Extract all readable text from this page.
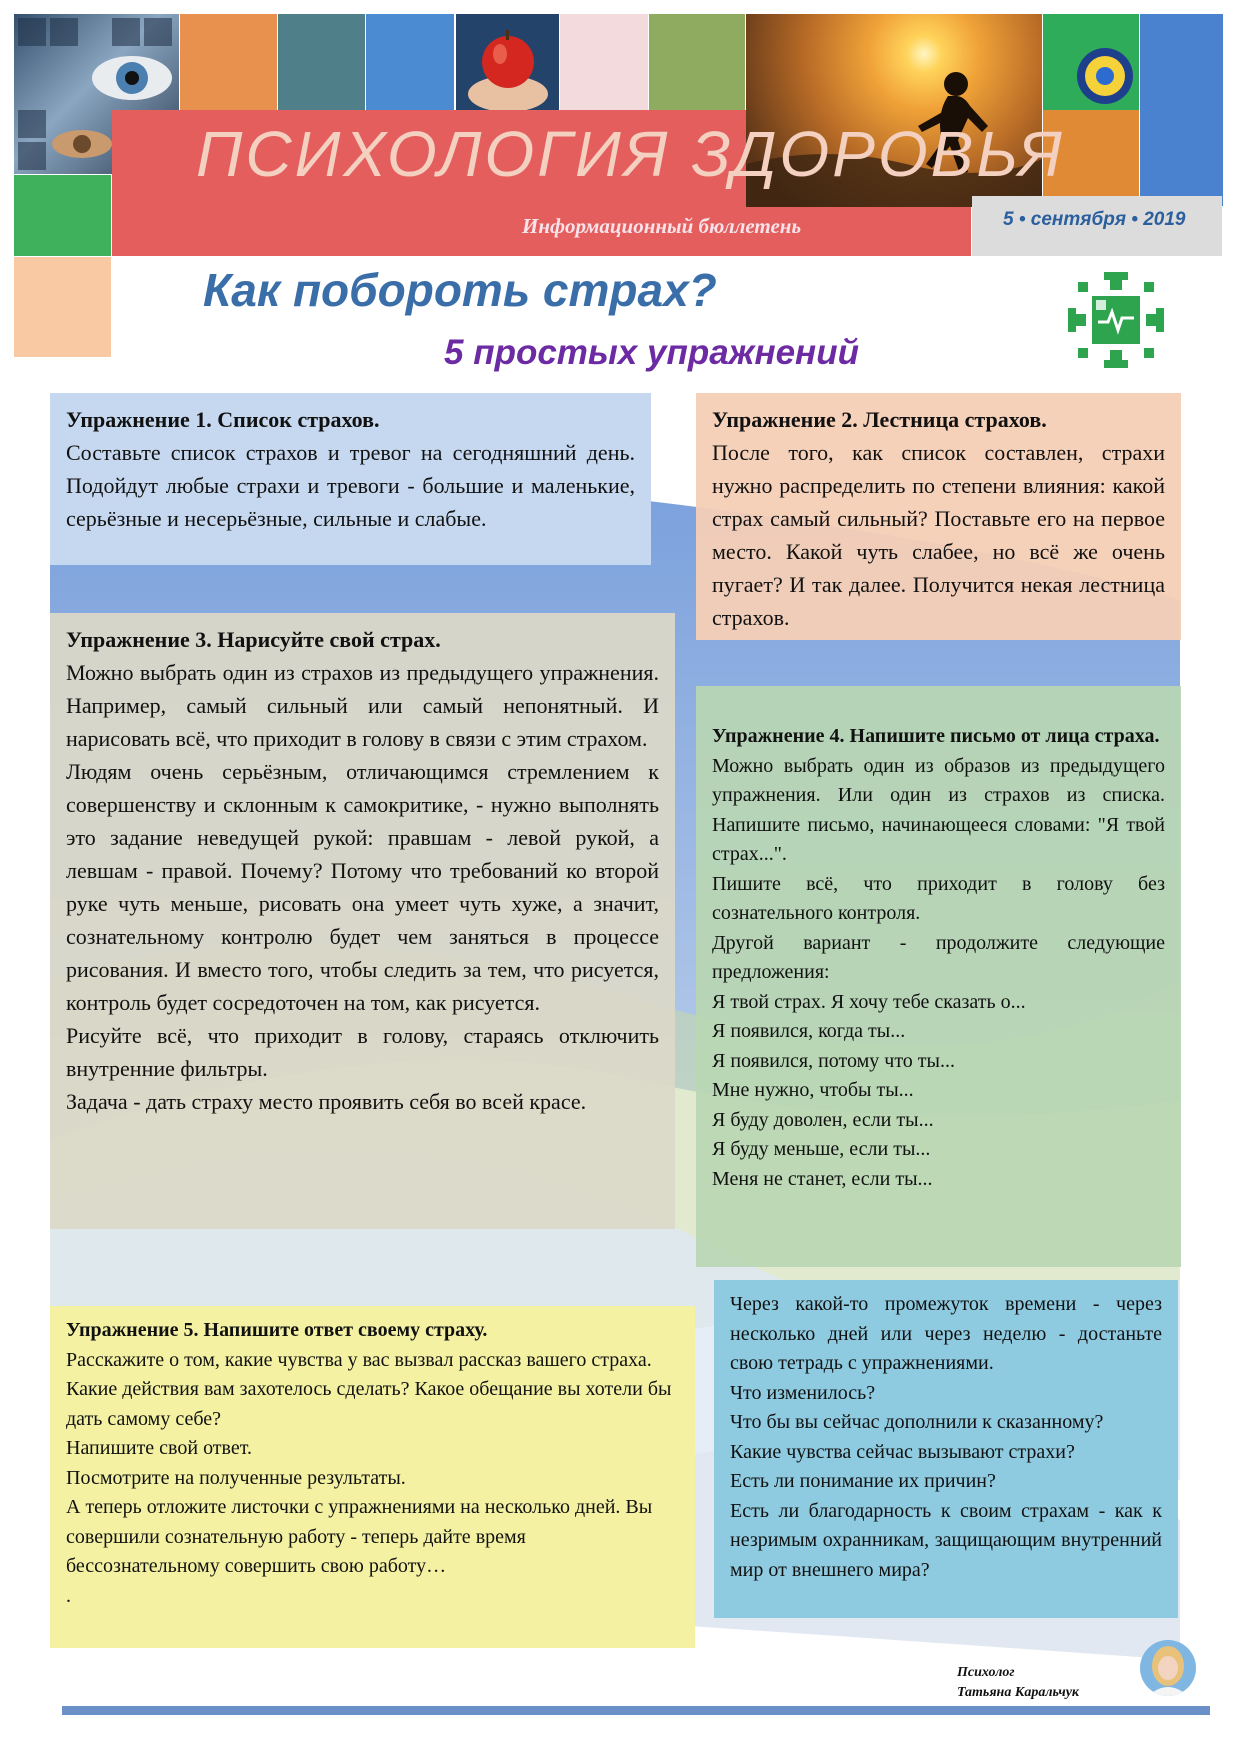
ПСИХОЛОГИЯ ЗДОРОВЬЯ
Информационный бюллетень	5 • сентября • 2019
Как побороть страх?
5 простых упражнений
Упражнение 1. Список страхов.

Составьте список страхов и тревог на сегодняшний день. Подойдут любые страхи и тревоги - большие и маленькие, серьёзные и несерьёзные, сильные и слабые.

Упражнение 2. Лестница страхов.

После того, как список составлен, страхи нужно распределить по степени влияния: какой страх самый сильный? Поставьте его на первое место. Какой чуть слабее, но всё же очень пугает? И так далее. Получится некая лестница страхов.

Упражнение 3. Нарисуйте свой страх.

Можно выбрать один из страхов из предыдущего упражнения. Например, самый сильный или самый непонятный. И нарисовать всё, что приходит в голову в связи с этим страхом.

Людям очень серьёзным, отличающимся стремлением к совершенству и склонным к самокритике, - нужно выполнять это задание неведущей рукой: правшам - левой рукой, а левшам - правой. Почему? Потому что требований ко второй руке чуть меньше, рисовать она умеет чуть хуже, а значит, сознательному контролю будет чем заняться в процессе рисования. И вместо того, чтобы следить за тем, что рисуется, контроль будет сосредоточен на том, как рисуется.

Рисуйте всё, что приходит в голову, стараясь отключить внутренние фильтры.

Задача - дать страху место проявить себя во всей красе.

Упражнение 4. Напишите письмо от лица страха.

Можно выбрать один из образов из предыдущего упражнения. Или один из страхов из списка. Напишите письмо, начинающееся словами: "Я твой страх...".

Пишите всё, что приходит в голову без сознательного контроля.

Другой вариант - продолжите следующие предложения:

Я твой страх. Я хочу тебе сказать о...

Я появился, когда ты...

Я появился, потому что ты...

Мне нужно, чтобы ты...

Я буду доволен, если ты...

Я буду меньше, если ты...

Меня не станет, если ты...

Упражнение 5. Напишите ответ своему страху.

Расскажите о том, какие чувства у вас вызвал рассказ вашего страха.

Какие действия вам захотелось сделать? Какое обещание вы хотели бы дать самому себе?

Напишите свой ответ.

Посмотрите на полученные результаты.

А теперь отложите листочки с упражнениями на несколько дней. Вы совершили сознательную работу - теперь дайте время бессознательному совершить свою работу…

.

Через какой-то промежуток времени - через несколько дней или через неделю - достаньте свою тетрадь с упражнениями.

Что изменилось?

Что бы вы сейчас дополнили к сказанному?

Какие чувства сейчас вызывают страхи?

Есть ли понимание их причин?

Есть ли благодарность к своим страхам - как к незримым охранникам, защищающим внутренний мир от внешнего мира?

Психолог
Татьяна Каральчук
